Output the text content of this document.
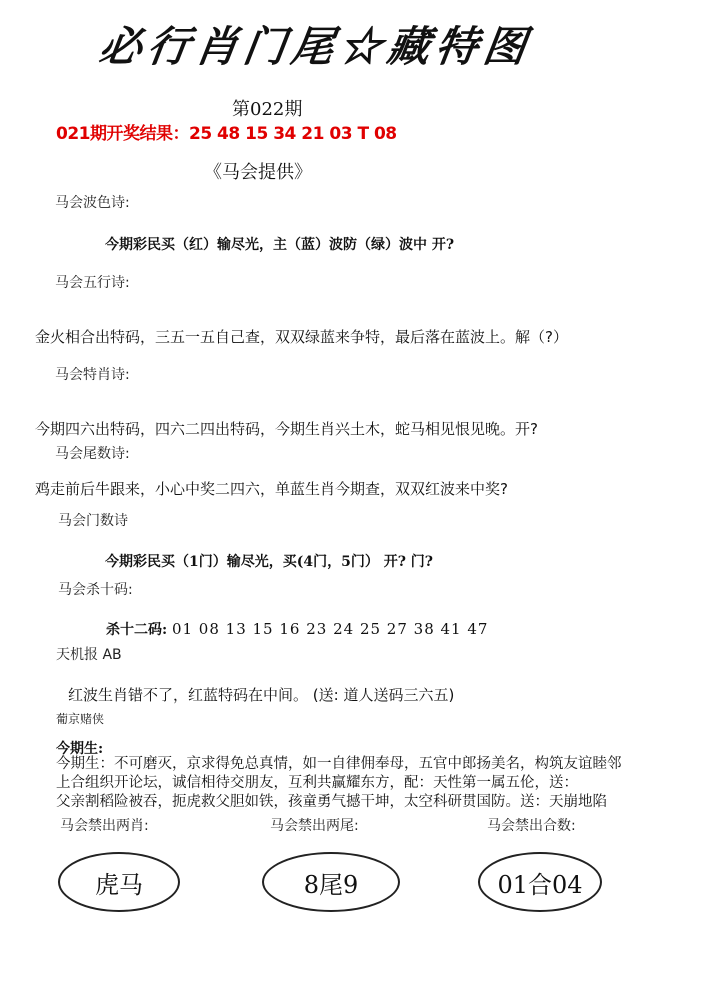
必行肖门尾☆藏特图
第022期
021期开奖结果：25 48 15 34 21 03 T 08
《马会提供》
马会波色诗:
今期彩民买（红）输尽光，主（蓝）波防（绿）波中 开?
马会五行诗:
金火相合出特码，三五一五自己查，双双绿蓝来争特，最后落在蓝波上。解（?）
马会特肖诗:
今期四六出特码，四六二四出特码，今期生肖兴土木，蛇马相见恨见晚。开?
马会尾数诗:
鸡走前后牛跟来，小心中奖二四六，单蓝生肖今期查，双双红波来中奖?
马会门数诗
今期彩民买（1门）输尽光，买(4门，5门） 开? 门?
马会杀十码:
杀十二码: 01 08 13 15 16 23 24 25 27 38 41 47
天机报 AB
红波生肖错不了，红蓝特码在中间。 (送: 道人送码三六五)
葡京赌侠
今期生:
今期生：不可磨灭，京求得免总真情，如一自律佣奉母，五官中郎扬美名，构筑友谊睦邻
上合组织开论坛，诚信相待交朋友，互利共赢耀东方，配：天性第一属五伦，送：
父亲割稻险被吞，扼虎救父胆如铁，孩童勇气撼干坤，太空科研贯国防。送：天崩地陷
马会禁出两肖:	马会禁出两尾:	马会禁出合数:
虎马	8尾9	01合04
